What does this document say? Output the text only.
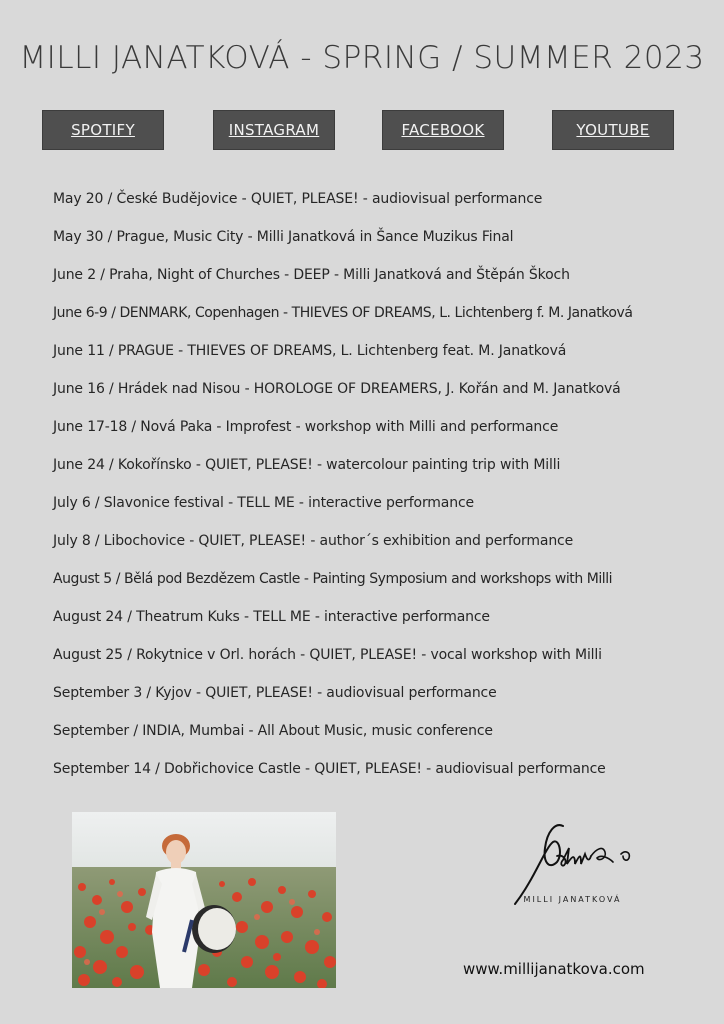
MILLI JANATKOVÁ - SPRING / SUMMER 2023
SPOTIFY	INSTAGRAM	FACEBOOK	YOUTUBE
May 20 / České Budějovice - QUIET, PLEASE! - audiovisual performance
May 30 / Prague, Music City - Milli Janatková in Šance Muzikus Final
June 2 / Praha, Night of Churches - DEEP - Milli Janatková and Štěpán Škoch
June 6-9 / DENMARK, Copenhagen - THIEVES OF DREAMS, L. Lichtenberg f. M. Janatková
June 11 / PRAGUE - THIEVES OF DREAMS, L. Lichtenberg feat. M. Janatková
June 16 / Hrádek nad Nisou - HOROLOGE OF DREAMERS, J. Kořán and M. Janatková
June 17-18 / Nová Paka - Improfest - workshop with Milli and performance
June 24 / Kokořínsko - QUIET, PLEASE! - watercolour painting trip with Milli
July 6 / Slavonice festival - TELL ME - interactive performance
July 8 / Libochovice - QUIET, PLEASE! - author´s exhibition and performance
August 5 / Bělá pod Bezdězem Castle - Painting Symposium and workshops with Milli
August 24 / Theatrum Kuks - TELL ME - interactive performance
August 25 / Rokytnice v Orl. horách - QUIET, PLEASE! - vocal workshop with Milli
September 3 / Kyjov - QUIET, PLEASE! - audiovisual performance
September / INDIA, Mumbai - All About Music, music conference
September 14 / Dobřichovice Castle - QUIET, PLEASE! - audiovisual performance
MILLI JANATKOVÁ
www.millijanatkova.com
